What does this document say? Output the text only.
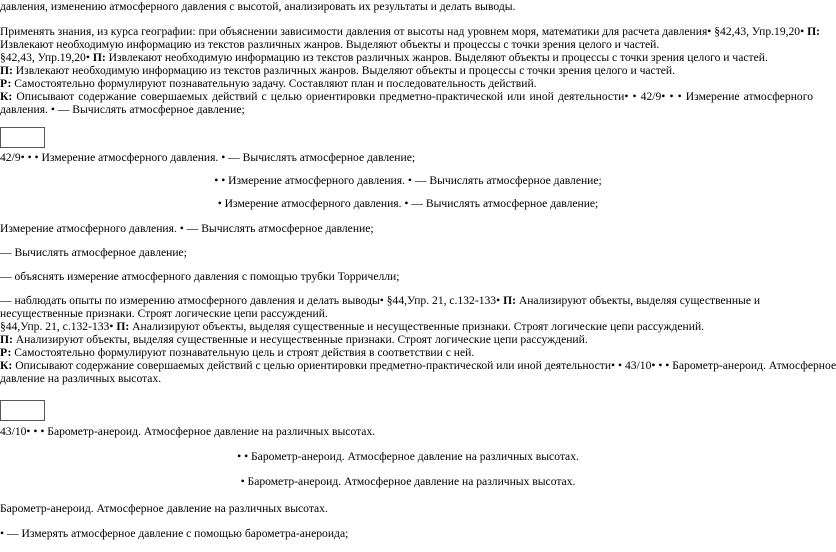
давления, изменению атмосферного давления с высотой, анализировать их результаты и делать выводы.
Применять знания, из курса географии: при объяснении зависимости давления от высоты над уровнем моря, математики для расчета давления• §42,43, Упр.19,20• П:
Извлекают необходимую информацию из текстов различных жанров. Выделяют объекты и процессы с точки зрения целого и частей.
§42,43, Упр.19,20• П: Извлекают необходимую информацию из текстов различных жанров. Выделяют объекты и процессы с точки зрения целого и частей.
П: Извлекают необходимую информацию из текстов различных жанров. Выделяют объекты и процессы с точки зрения целого и частей.
Р: Самостоятельно формулируют познавательную задачу. Составляют план и последовательность действий.
К: Описывают содержание совершаемых действий с целью ориентировки предметно-практической или иной деятельности• • 42/9• • • Измерение атмосферного
давления. • — Вычислять атмосферное давление;
42/9• • • Измерение атмосферного давления. • — Вычислять атмосферное давление;
• • Измерение атмосферного давления. • — Вычислять атмосферное давление;
• Измерение атмосферного давления. • — Вычислять атмосферное давление;
Измерение атмосферного давления. • — Вычислять атмосферное давление;
— Вычислять атмосферное давление;
— объяснять измерение атмосферного давления с помощью трубки Торричелли;
— наблюдать опыты по измерению атмосферного давления и делать выводы• §44,Упр. 21, с.132-133• П: Анализируют объекты, выделяя существенные и
несущественные признаки. Строят логические цепи рассуждений.
§44,Упр. 21, с.132-133• П: Анализируют объекты, выделяя существенные и несущественные признаки. Строят логические цепи рассуждений.
П: Анализируют объекты, выделяя существенные и несущественные признаки. Строят логические цепи рассуждений.
Р: Самостоятельно формулируют познавательную цель и строят действия в соответствии с ней.
К: Описывают содержание совершаемых действий с целью ориентировки предметно-практической или иной деятельности• • 43/10• • • Барометр-анероид. Атмосферное
давление на различных высотах.
43/10• • • Барометр-анероид. Атмосферное давление на различных высотах.
• • Барометр-анероид. Атмосферное давление на различных высотах.
• Барометр-анероид. Атмосферное давление на различных высотах.
Барометр-анероид. Атмосферное давление на различных высотах.
• — Измерять атмосферное давление с помощью барометра-анероида;
